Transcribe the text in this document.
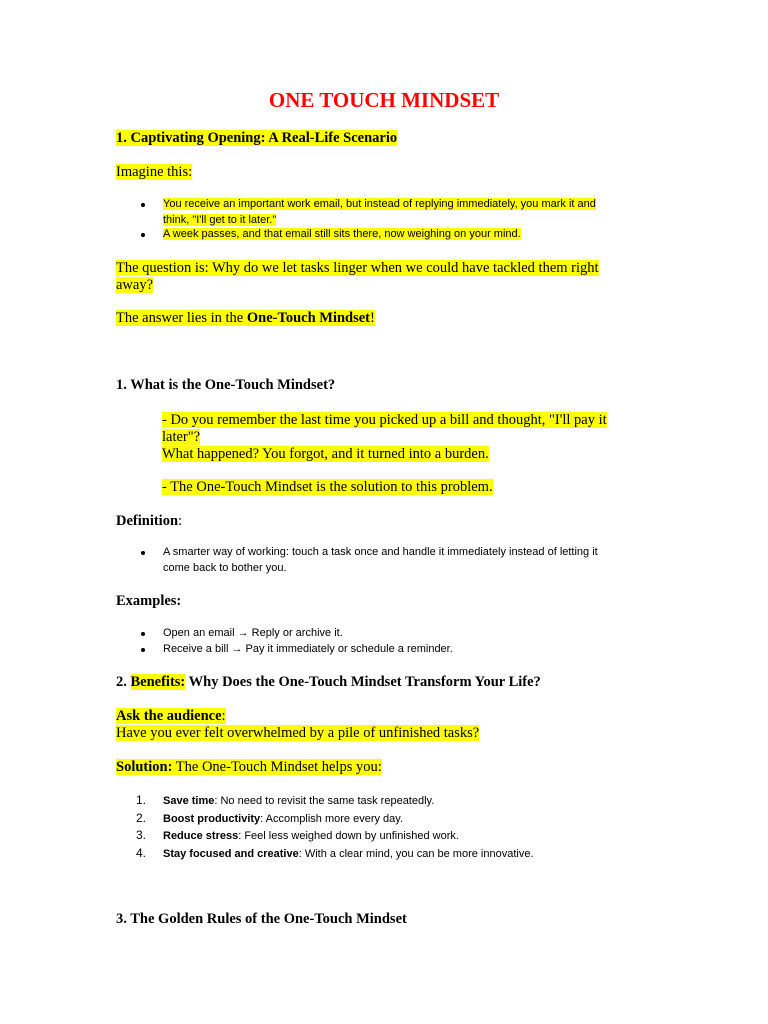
ONE TOUCH MINDSET
1. Captivating Opening: A Real-Life Scenario
Imagine this:
You receive an important work email, but instead of replying immediately, you mark it and
think, "I'll get to it later."
A week passes, and that email still sits there, now weighing on your mind.
The question is: Why do we let tasks linger when we could have tackled them right
away?
The answer lies in the One-Touch Mindset!
1. What is the One-Touch Mindset?
- Do you remember the last time you picked up a bill and thought, "I'll pay it
later"?
What happened? You forgot, and it turned into a burden.
- The One-Touch Mindset is the solution to this problem.
Definition:
A smarter way of working: touch a task once and handle it immediately instead of letting it
come back to bother you.
Examples:
Open an email → Reply or archive it.
Receive a bill → Pay it immediately or schedule a reminder.
2. Benefits: Why Does the One-Touch Mindset Transform Your Life?
Ask the audience:
Have you ever felt overwhelmed by a pile of unfinished tasks?
Solution: The One-Touch Mindset helps you:
1. Save time: No need to revisit the same task repeatedly.
2. Boost productivity: Accomplish more every day.
3. Reduce stress: Feel less weighed down by unfinished work.
4. Stay focused and creative: With a clear mind, you can be more innovative.
3. The Golden Rules of the One-Touch Mindset
